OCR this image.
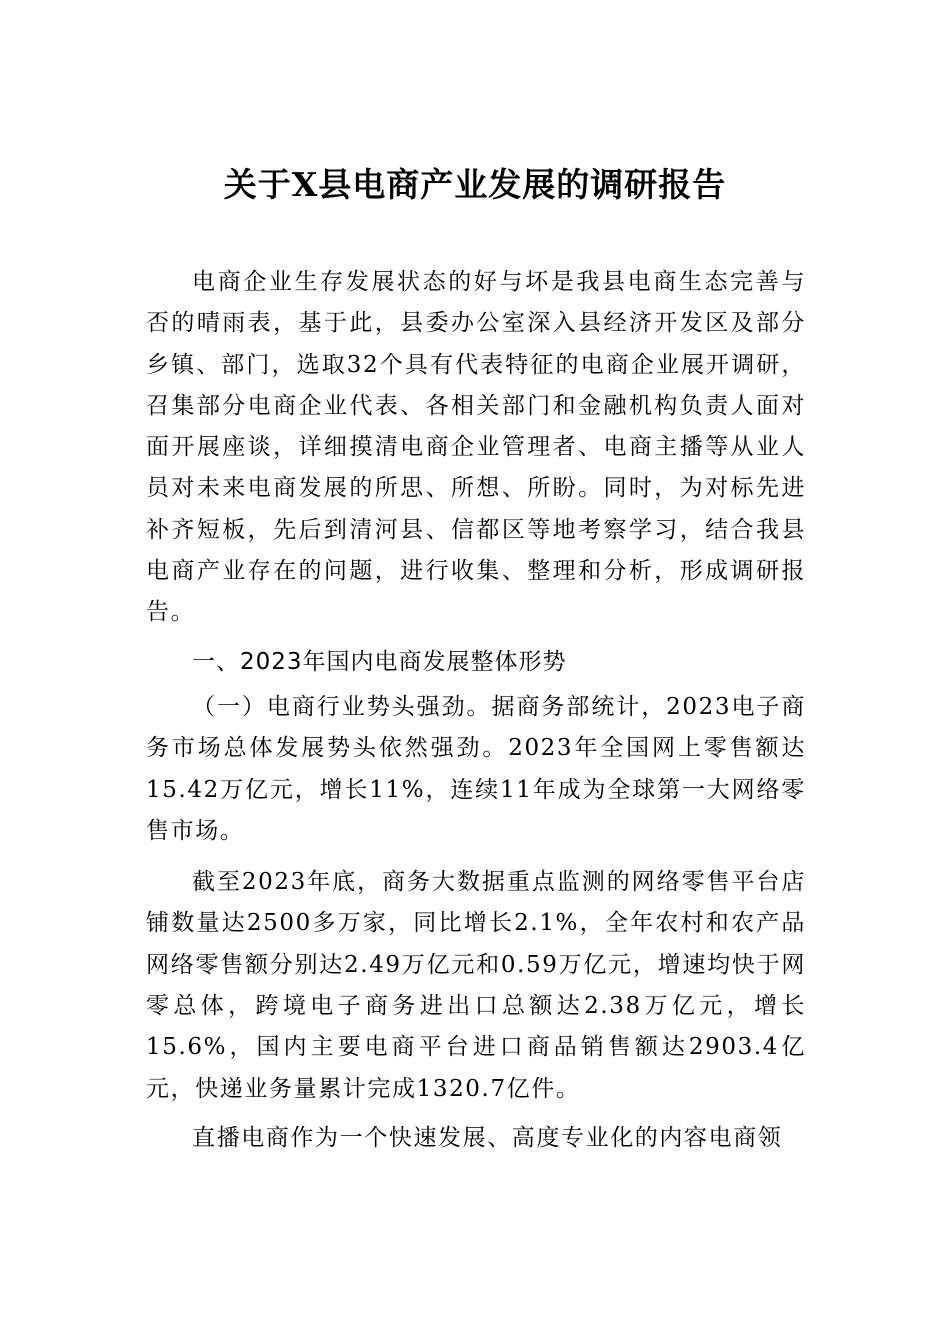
关于X县电商产业发展的调研报告

电商企业生存发展状态的好与坏是我县电商生态完善与否的晴雨表，基于此，县委办公室深入县经济开发区及部分乡镇、部门，选取32个具有代表特征的电商企业展开调研，召集部分电商企业代表、各相关部门和金融机构负责人面对面开展座谈，详细摸清电商企业管理者、电商主播等从业人员对未来电商发展的所思、所想、所盼。同时，为对标先进补齐短板，先后到清河县、信都区等地考察学习，结合我县电商产业存在的问题，进行收集、整理和分析，形成调研报告。

一、2023年国内电商发展整体形势

（一）电商行业势头强劲。据商务部统计，2023电子商务市场总体发展势头依然强劲。2023年全国网上零售额达15.42万亿元，增长11%，连续11年成为全球第一大网络零售市场。

截至2023年底，商务大数据重点监测的网络零售平台店铺数量达2500多万家，同比增长2.1%，全年农村和农产品网络零售额分别达2.49万亿元和0.59万亿元，增速均快于网零总体，跨境电子商务进出口总额达2.38万亿元，增长15.6%，国内主要电商平台进口商品销售额达2903.4亿元，快递业务量累计完成1320.7亿件。

直播电商作为一个快速发展、高度专业化的内容电商领
